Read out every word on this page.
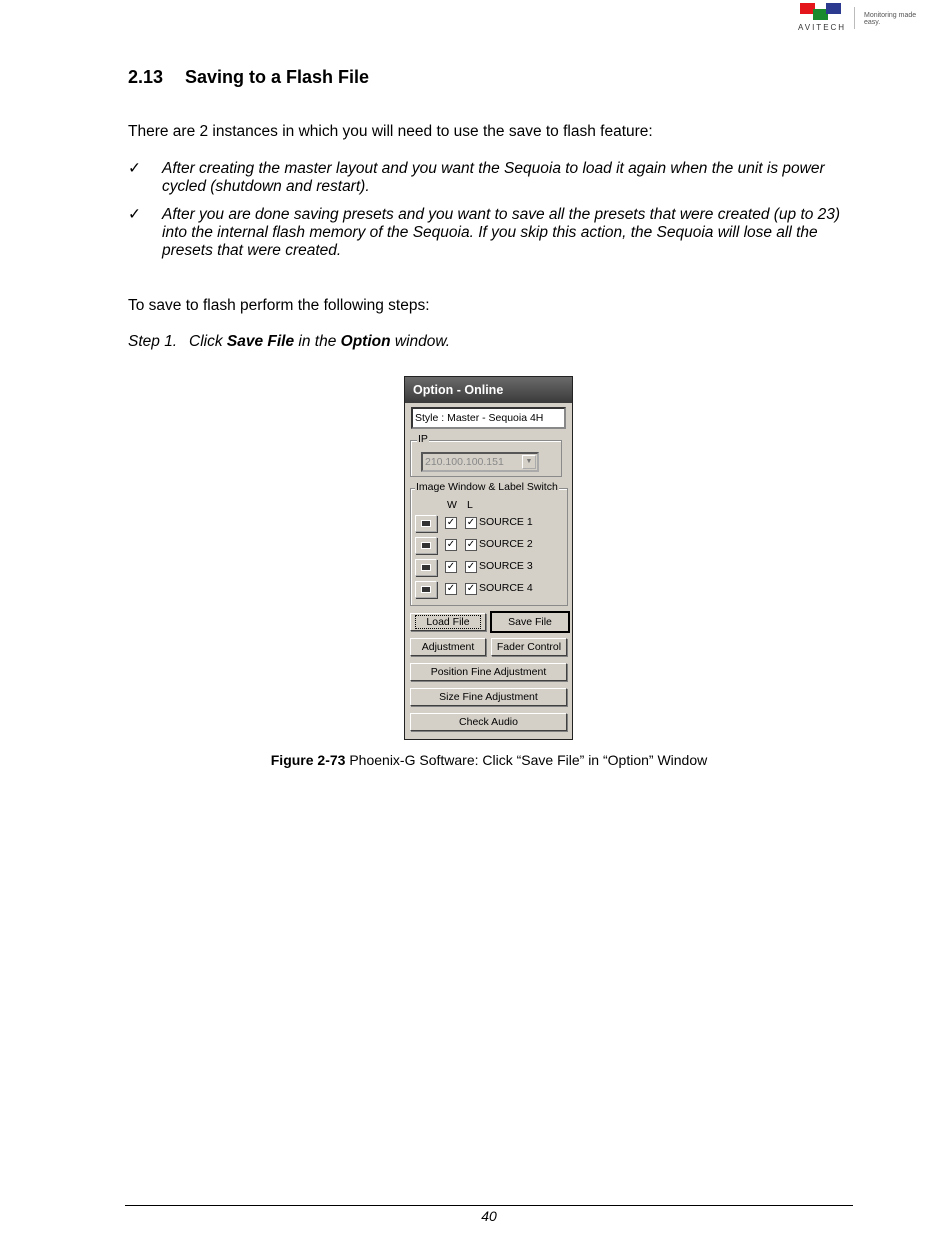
AVITECH
Monitoring made easy.
2.13 Saving to a Flash File

There are 2 instances in which you will need to use the save to flash feature:

✓ After creating the master layout and you want the Sequoia to load it again when the unit is power cycled (shutdown and restart).
✓ After you are done saving presets and you want to save all the presets that were created (up to 23) into the internal flash memory of the Sequoia. If you skip this action, the Sequoia will lose all the presets that were created.

To save to flash perform the following steps:

Step 1. Click Save File in the Option window.
Option - Online
Style : Master - Sequoia 4H
IP
210.100.100.151	▼
Image Window & Label Switch
W L
✓ ✓ SOURCE 1
✓ ✓ SOURCE 2
✓ ✓ SOURCE 3
✓ ✓ SOURCE 4
Load File	Save File
Adjustment	Fader Control
Position Fine Adjustment
Size Fine Adjustment
Check Audio
Figure 2-73 Phoenix-G Software: Click “Save File” in “Option” Window
40
